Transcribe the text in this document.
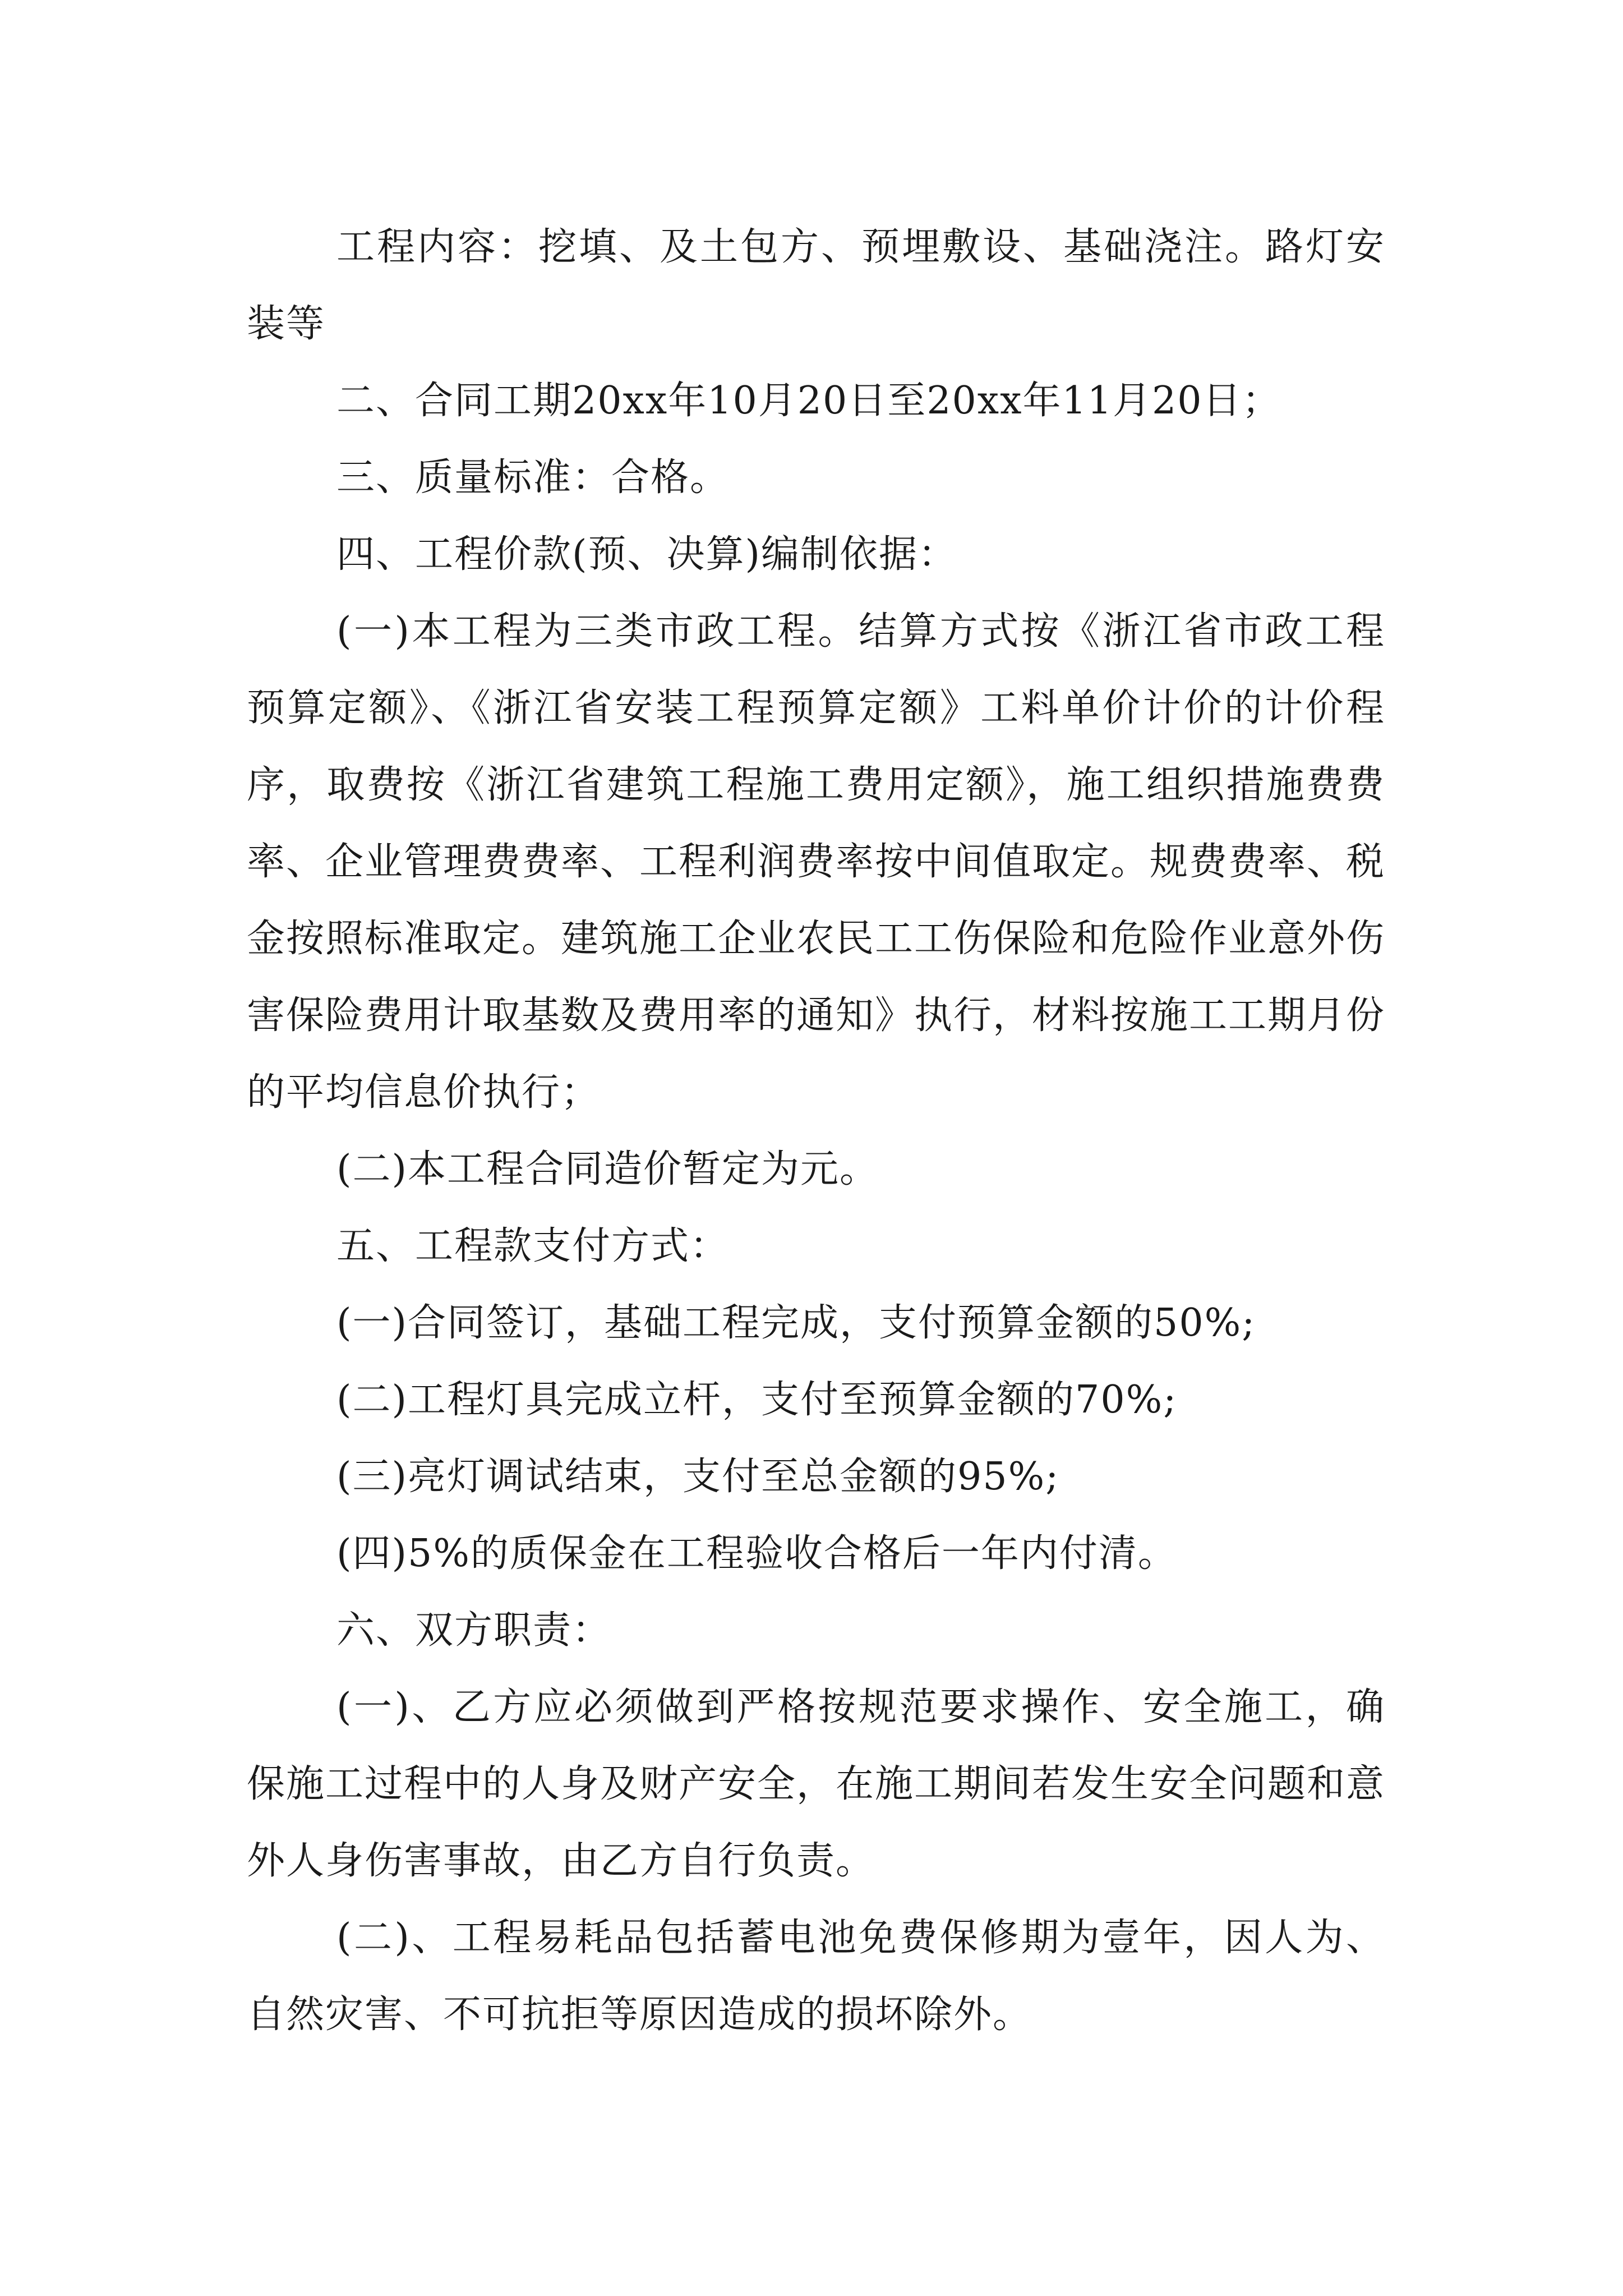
工程内容：挖填、及土包方、预埋敷设、基础浇注。路灯安装等

二、合同工期20xx年10月20日至20xx年11月20日；

三、质量标准：合格。

四、工程价款(预、决算)编制依据：

(一)本工程为三类市政工程。结算方式按《浙江省市政工程预算定额》、《浙江省安装工程预算定额》工料单价计价的计价程序，取费按《浙江省建筑工程施工费用定额》，施工组织措施费费率、企业管理费费率、工程利润费率按中间值取定。规费费率、税金按照标准取定。建筑施工企业农民工工伤保险和危险作业意外伤害保险费用计取基数及费用率的通知》执行，材料按施工工期月份的平均信息价执行；

(二)本工程合同造价暂定为元。

五、工程款支付方式：

(一)合同签订，基础工程完成，支付预算金额的50%;

(二)工程灯具完成立杆，支付至预算金额的70%;

(三)亮灯调试结束，支付至总金额的95%;

(四)5%的质保金在工程验收合格后一年内付清。

六、双方职责：

(一)、乙方应必须做到严格按规范要求操作、安全施工，确保施工过程中的人身及财产安全，在施工期间若发生安全问题和意外人身伤害事故，由乙方自行负责。

(二)、工程易耗品包括蓄电池免费保修期为壹年，因人为、自然灾害、不可抗拒等原因造成的损坏除外。
